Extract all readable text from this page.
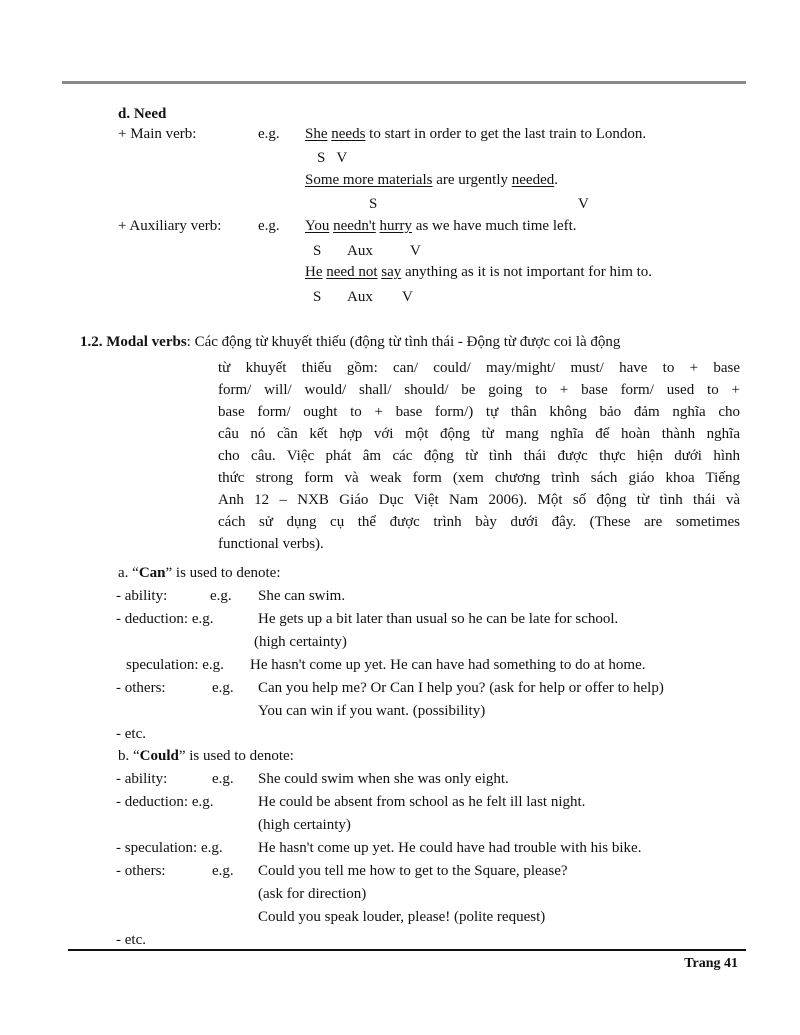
d. Need
+ Main verb:	e.g. She needs to start in order to get the last train to London.
S   V
Some more materials are urgently needed.
S	V
+ Auxiliary verb: e.g. You needn't hurry as we have much time left.
S Aux V
He need not say anything as it is not important for him to.
S Aux V
1.2. Modal verbs: Các động từ khuyết thiếu (động từ tình thái - Động từ được coi là động
từ khuyết thiếu gồm: can/ could/ may/might/ must/ have to + base
form/ will/ would/ shall/ should/ be going to + base form/ used to +
base form/ ought to + base form/) tự thân không bảo đảm nghĩa cho
câu nó cần kết hợp với một động từ mang nghĩa để hoàn thành nghĩa
cho câu. Việc phát âm các động từ tình thái được thực hiện dưới hình
thức strong form và weak form (xem chương trình sách giáo khoa Tiếng
Anh 12 – NXB Giáo Dục Việt Nam 2006). Một số động từ tình thái và
cách sử dụng cụ thể được trình bày dưới đây. (These are sometimes
functional verbs).
a. “Can” is used to denote:
- ability:	e.g. She can swim.
- deduction: e.g.	He gets up a bit later than usual so he can be late for school.
(high certainty)
speculation: e.g. He hasn't come up yet. He can have had something to do at home.
- others:	e.g. Can you help me? Or Can I help you? (ask for help or offer to help)
You can win if you want. (possibility)
- etc.
b. “Could” is used to denote:
- ability:	e.g. She could swim when she was only eight.
- deduction: e.g.	He could be absent from school as he felt ill last night.
(high certainty)
- speculation: e.g. He hasn't come up yet. He could have had trouble with his bike.
- others:	e.g. Could you tell me how to get to the Square, please?
(ask for direction)
Could you speak louder, please! (polite request)
- etc.
Trang 41
